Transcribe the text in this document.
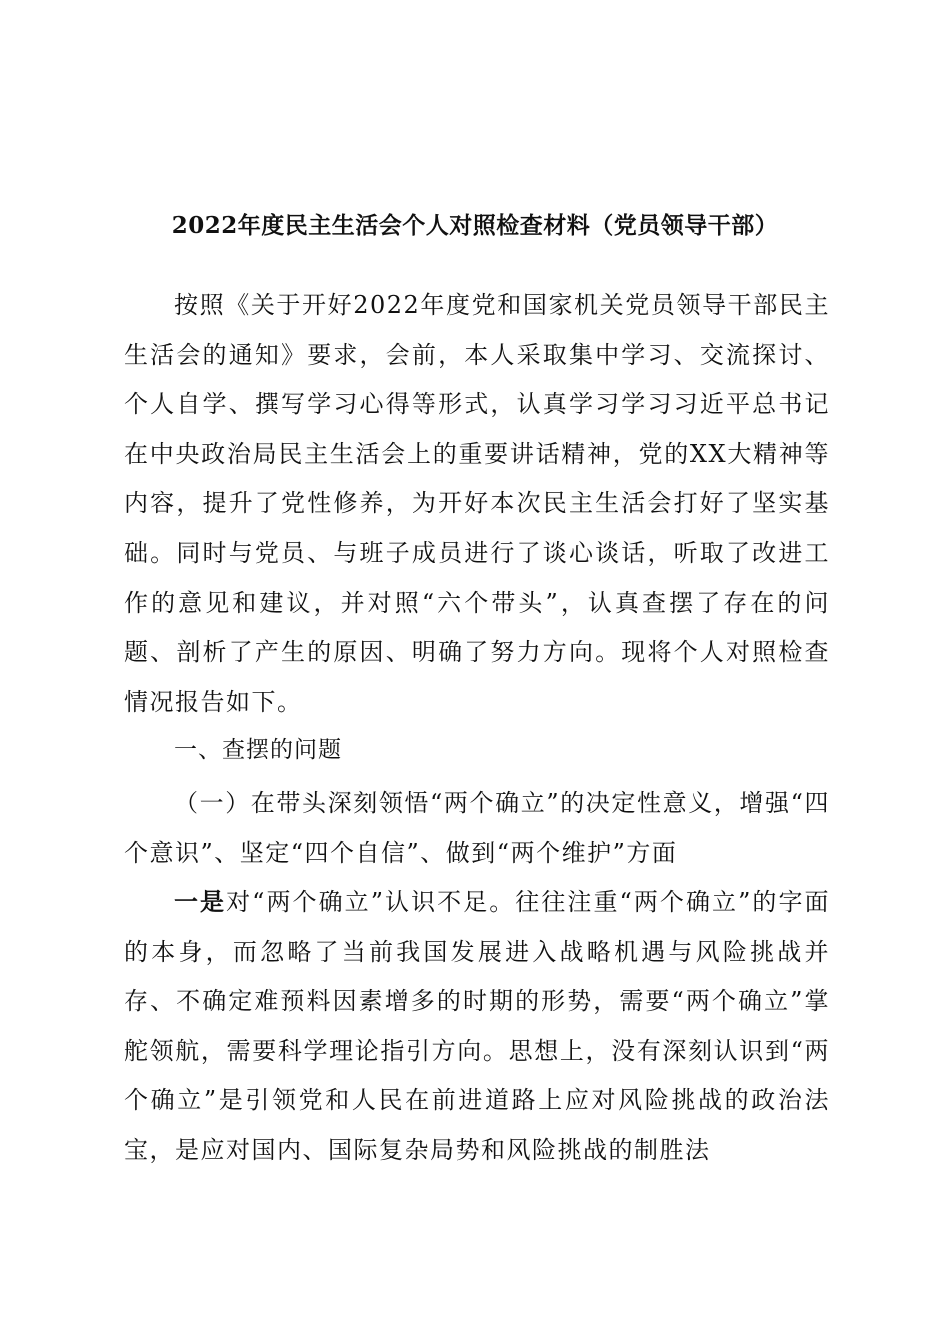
2022年度民主生活会个人对照检查材料（党员领导干部）

按照《关于开好2022年度党和国家机关党员领导干部民主生活会的通知》要求，会前，本人采取集中学习、交流探讨、个人自学、撰写学习心得等形式，认真学习学习习近平总书记在中央政治局民主生活会上的重要讲话精神，党的XX大精神等内容，提升了党性修养，为开好本次民主生活会打好了坚实基础。同时与党员、与班子成员进行了谈心谈话，听取了改进工作的意见和建议，并对照“六个带头”，认真查摆了存在的问题、剖析了产生的原因、明确了努力方向。现将个人对照检查情况报告如下。

一、查摆的问题

（一）在带头深刻领悟“两个确立”的决定性意义，增强“四个意识”、坚定“四个自信”、做到“两个维护”方面

一是对“两个确立”认识不足。往往注重“两个确立”的字面的本身，而忽略了当前我国发展进入战略机遇与风险挑战并存、不确定难预料因素增多的时期的形势，需要“两个确立”掌舵领航，需要科学理论指引方向。思想上，没有深刻认识到“两个确立”是引领党和人民在前进道路上应对风险挑战的政治法宝，是应对国内、国际复杂局势和风险挑战的制胜法
